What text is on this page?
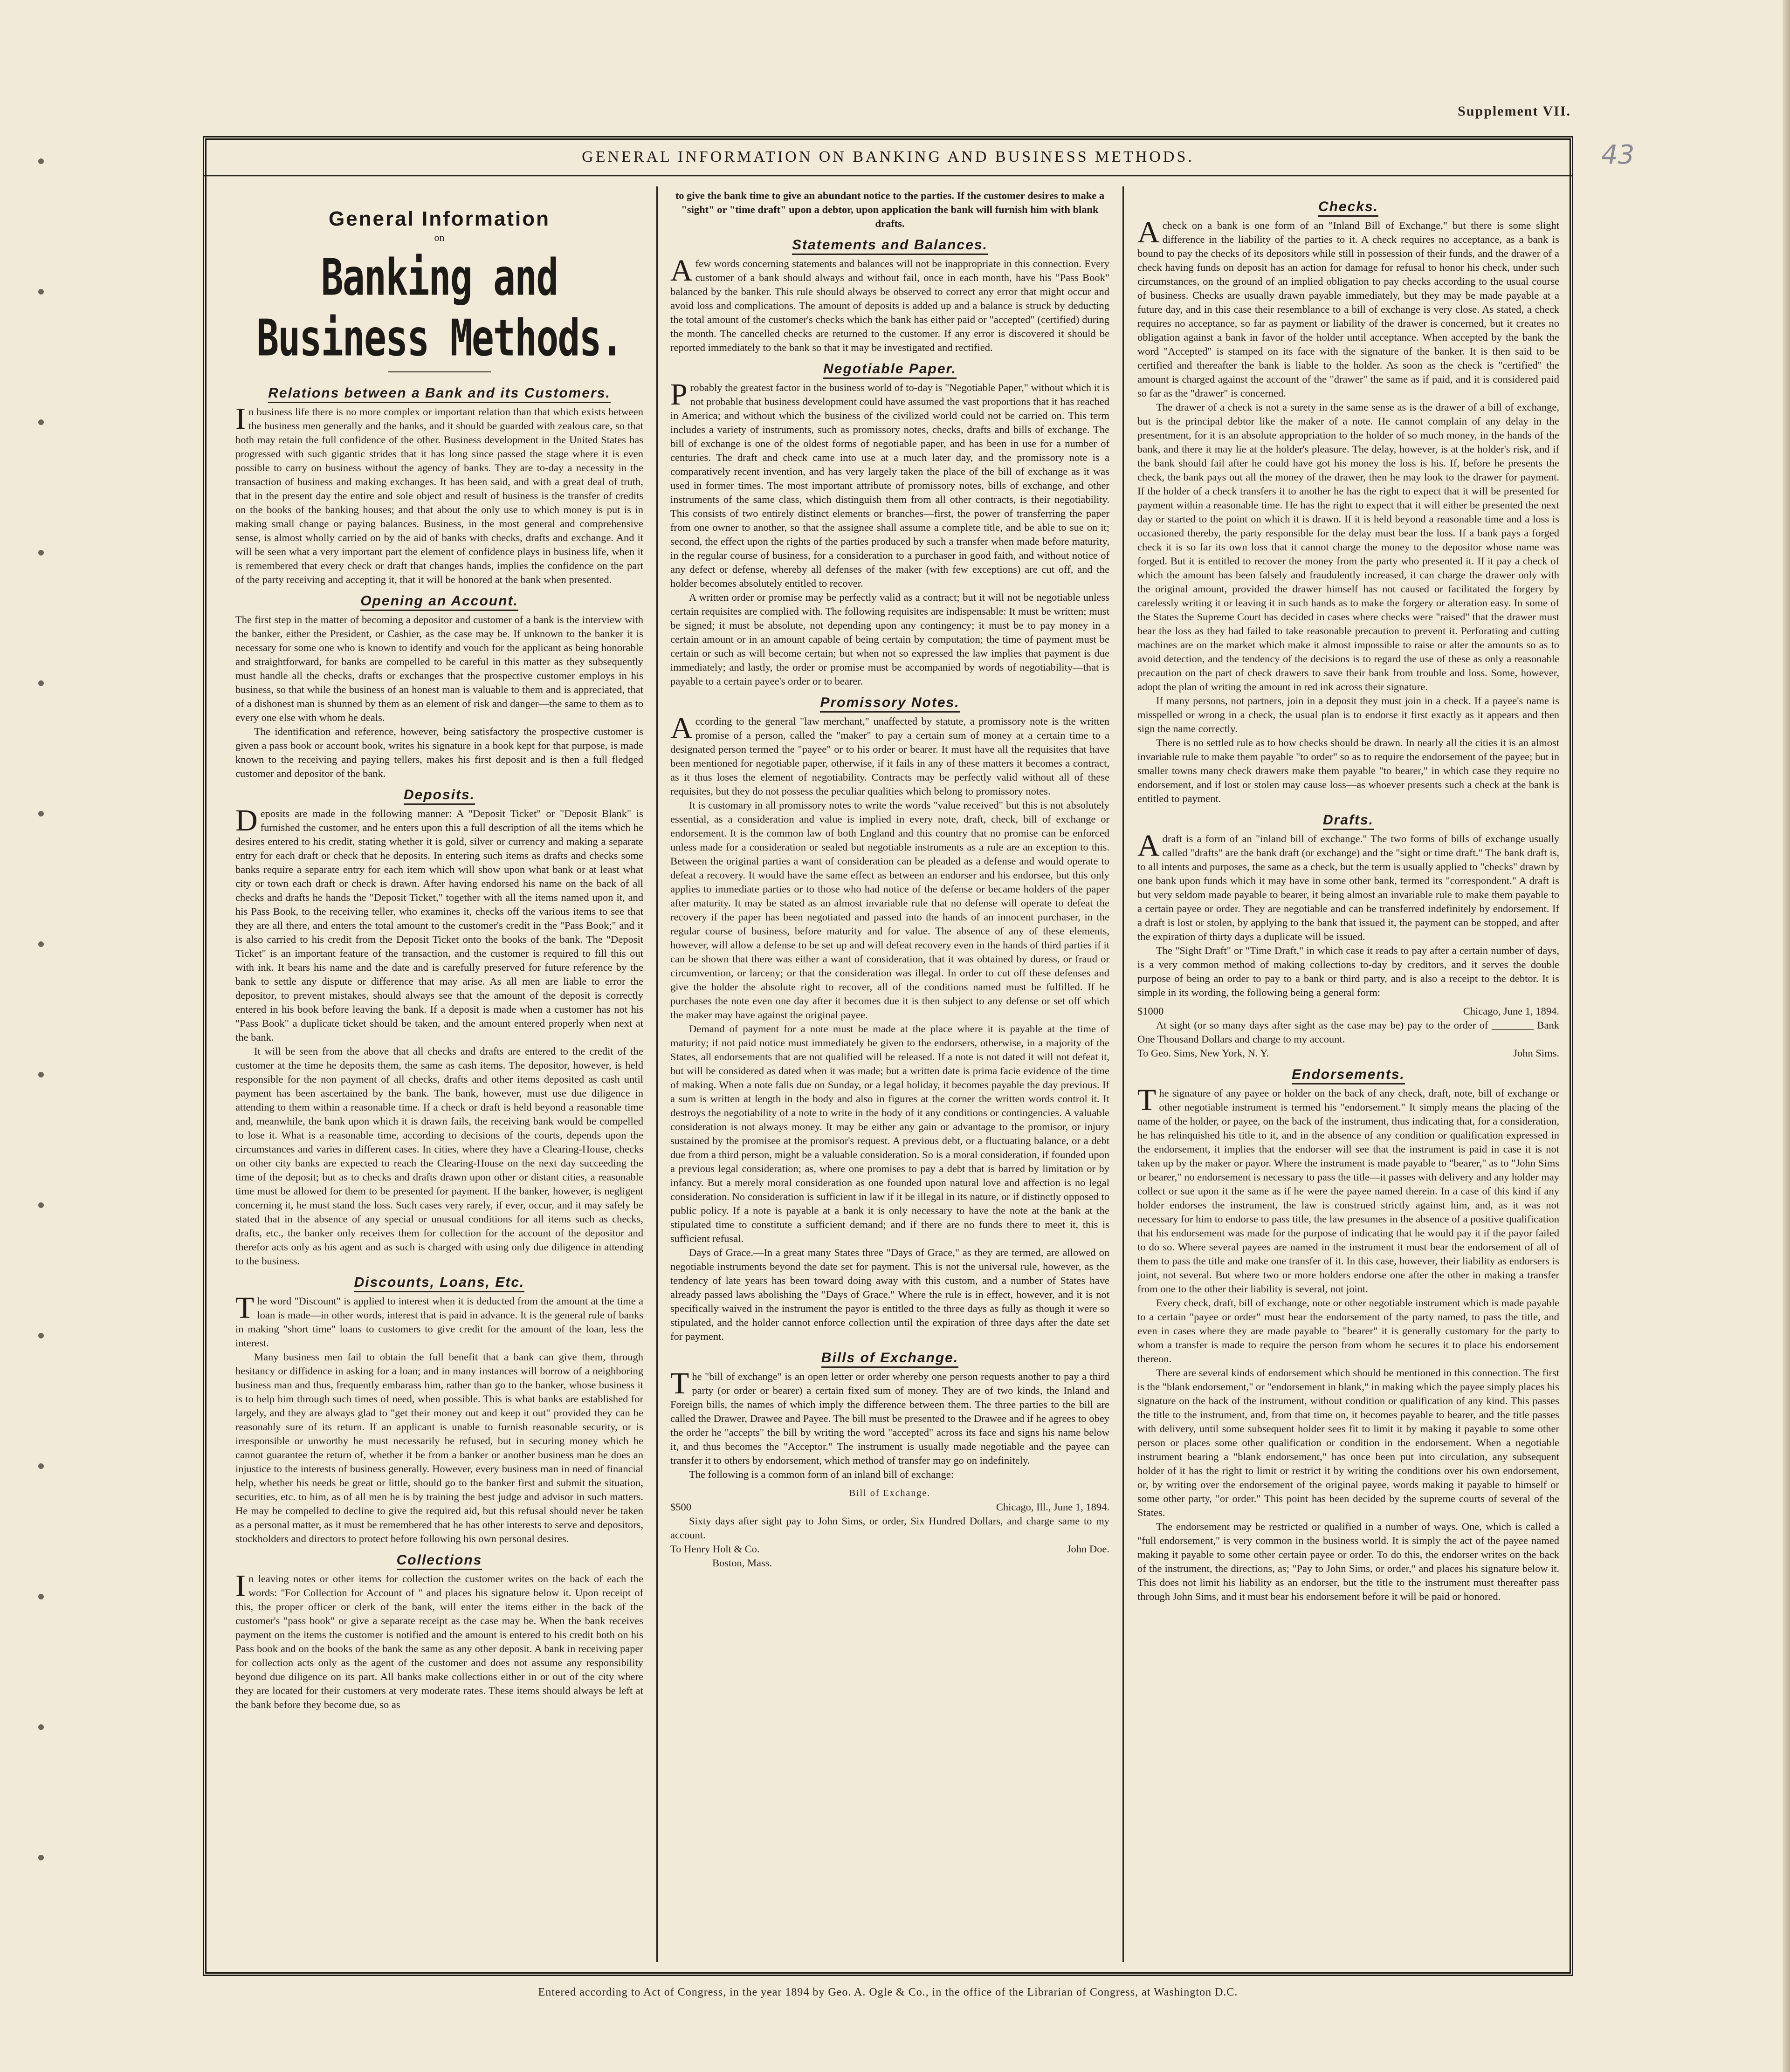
Supplement VII.
43
GENERAL INFORMATION ON BANKING AND BUSINESS METHODS.
General Information
on
Banking and Business Methods.
Relations between a Bank and its Customers.

In business life there is no more complex or important relation than that which exists between the business men generally and the banks, and it should be guarded with zealous care, so that both may retain the full confidence of the other. Business development in the United States has progressed with such gigantic strides that it has long since passed the stage where it is even possible to carry on business without the agency of banks. They are to-day a necessity in the transaction of business and making exchanges. It has been said, and with a great deal of truth, that in the present day the entire and sole object and result of business is the transfer of credits on the books of the banking houses; and that about the only use to which money is put is in making small change or paying balances. Business, in the most general and comprehensive sense, is almost wholly carried on by the aid of banks with checks, drafts and exchange. And it will be seen what a very important part the element of confidence plays in business life, when it is remembered that every check or draft that changes hands, implies the confidence on the part of the party receiving and accepting it, that it will be honored at the bank when presented.

Opening an Account.

The first step in the matter of becoming a depositor and customer of a bank is the interview with the banker, either the President, or Cashier, as the case may be. If unknown to the banker it is necessary for some one who is known to identify and vouch for the applicant as being honorable and straightforward, for banks are compelled to be careful in this matter as they subsequently must handle all the checks, drafts or exchanges that the prospective customer employs in his business, so that while the business of an honest man is valuable to them and is appreciated, that of a dishonest man is shunned by them as an element of risk and danger—the same to them as to every one else with whom he deals.

The identification and reference, however, being satisfactory the prospective customer is given a pass book or account book, writes his signature in a book kept for that purpose, is made known to the receiving and paying tellers, makes his first deposit and is then a full fledged customer and depositor of the bank.

Deposits.

Deposits are made in the following manner: A "Deposit Ticket" or "Deposit Blank" is furnished the customer, and he enters upon this a full description of all the items which he desires entered to his credit, stating whether it is gold, silver or currency and making a separate entry for each draft or check that he deposits. In entering such items as drafts and checks some banks require a separate entry for each item which will show upon what bank or at least what city or town each draft or check is drawn. After having endorsed his name on the back of all checks and drafts he hands the "Deposit Ticket," together with all the items named upon it, and his Pass Book, to the receiving teller, who examines it, checks off the various items to see that they are all there, and enters the total amount to the customer's credit in the "Pass Book;" and it is also carried to his credit from the Deposit Ticket onto the books of the bank. The "Deposit Ticket" is an important feature of the transaction, and the customer is required to fill this out with ink. It bears his name and the date and is carefully preserved for future reference by the bank to settle any dispute or difference that may arise. As all men are liable to error the depositor, to prevent mistakes, should always see that the amount of the deposit is correctly entered in his book before leaving the bank. If a deposit is made when a customer has not his "Pass Book" a duplicate ticket should be taken, and the amount entered properly when next at the bank.

It will be seen from the above that all checks and drafts are entered to the credit of the customer at the time he deposits them, the same as cash items. The depositor, however, is held responsible for the non payment of all checks, drafts and other items deposited as cash until payment has been ascertained by the bank. The bank, however, must use due diligence in attending to them within a reasonable time. If a check or draft is held beyond a reasonable time and, meanwhile, the bank upon which it is drawn fails, the receiving bank would be compelled to lose it. What is a reasonable time, according to decisions of the courts, depends upon the circumstances and varies in different cases. In cities, where they have a Clearing-House, checks on other city banks are expected to reach the Clearing-House on the next day succeeding the time of the deposit; but as to checks and drafts drawn upon other or distant cities, a reasonable time must be allowed for them to be presented for payment. If the banker, however, is negligent concerning it, he must stand the loss. Such cases very rarely, if ever, occur, and it may safely be stated that in the absence of any special or unusual conditions for all items such as checks, drafts, etc., the banker only receives them for collection for the account of the depositor and therefor acts only as his agent and as such is charged with using only due diligence in attending to the business.

Discounts, Loans, Etc.

The word "Discount" is applied to interest when it is deducted from the amount at the time a loan is made—in other words, interest that is paid in advance. It is the general rule of banks in making "short time" loans to customers to give credit for the amount of the loan, less the interest.

Many business men fail to obtain the full benefit that a bank can give them, through hesitancy or diffidence in asking for a loan; and in many instances will borrow of a neighboring business man and thus, frequently embarass him, rather than go to the banker, whose business it is to help him through such times of need, when possible. This is what banks are established for largely, and they are always glad to "get their money out and keep it out" provided they can be reasonably sure of its return. If an applicant is unable to furnish reasonable security, or is irresponsible or unworthy he must necessarily be refused, but in securing money which he cannot guarantee the return of, whether it be from a banker or another business man he does an injustice to the interests of business generally. However, every business man in need of financial help, whether his needs be great or little, should go to the banker first and submit the situation, securities, etc. to him, as of all men he is by training the best judge and advisor in such matters. He may be compelled to decline to give the required aid, but this refusal should never be taken as a personal matter, as it must be remembered that he has other interests to serve and depositors, stockholders and directors to protect before following his own personal desires.

Collections

In leaving notes or other items for collection the customer writes on the back of each the words: "For Collection for Account of " and places his signature below it. Upon receipt of this, the proper officer or clerk of the bank, will enter the items either in the back of the customer's "pass book" or give a separate receipt as the case may be. When the bank receives payment on the items the customer is notified and the amount is entered to his credit both on his Pass book and on the books of the bank the same as any other deposit. A bank in receiving paper for collection acts only as the agent of the customer and does not assume any responsibility beyond due diligence on its part. All banks make collections either in or out of the city where they are located for their customers at very moderate rates. These items should always be left at the bank before they become due, so as

to give the bank time to give an abundant notice to the parties. If the customer desires to make a "sight" or "time draft" upon a debtor, upon application the bank will furnish him with blank drafts.

Statements and Balances.

Afew words concerning statements and balances will not be inappropriate in this connection. Every customer of a bank should always and without fail, once in each month, have his "Pass Book" balanced by the banker. This rule should always be observed to correct any error that might occur and avoid loss and complications. The amount of deposits is added up and a balance is struck by deducting the total amount of the customer's checks which the bank has either paid or "accepted" (certified) during the month. The cancelled checks are returned to the customer. If any error is discovered it should be reported immediately to the bank so that it may be investigated and rectified.

Negotiable Paper.

Probably the greatest factor in the business world of to-day is "Negotiable Paper," without which it is not probable that business development could have assumed the vast proportions that it has reached in America; and without which the business of the civilized world could not be carried on. This term includes a variety of instruments, such as promissory notes, checks, drafts and bills of exchange. The bill of exchange is one of the oldest forms of negotiable paper, and has been in use for a number of centuries. The draft and check came into use at a much later day, and the promissory note is a comparatively recent invention, and has very largely taken the place of the bill of exchange as it was used in former times. The most important attribute of promissory notes, bills of exchange, and other instruments of the same class, which distinguish them from all other contracts, is their negotiability. This consists of two entirely distinct elements or branches—first, the power of transferring the paper from one owner to another, so that the assignee shall assume a complete title, and be able to sue on it; second, the effect upon the rights of the parties produced by such a transfer when made before maturity, in the regular course of business, for a consideration to a purchaser in good faith, and without notice of any defect or defense, whereby all defenses of the maker (with few exceptions) are cut off, and the holder becomes absolutely entitled to recover.

A written order or promise may be perfectly valid as a contract; but it will not be negotiable unless certain requisites are complied with. The following requisites are indispensable: It must be written; must be signed; it must be absolute, not depending upon any contingency; it must be to pay money in a certain amount or in an amount capable of being certain by computation; the time of payment must be certain or such as will become certain; but when not so expressed the law implies that payment is due immediately; and lastly, the order or promise must be accompanied by words of negotiability—that is payable to a certain payee's order or to bearer.

Promissory Notes.

According to the general "law merchant," unaffected by statute, a promissory note is the written promise of a person, called the "maker" to pay a certain sum of money at a certain time to a designated person termed the "payee" or to his order or bearer. It must have all the requisites that have been mentioned for negotiable paper, otherwise, if it fails in any of these matters it becomes a contract, as it thus loses the element of negotiability. Contracts may be perfectly valid without all of these requisites, but they do not possess the peculiar qualities which belong to promissory notes.

It is customary in all promissory notes to write the words "value received" but this is not absolutely essential, as a consideration and value is implied in every note, draft, check, bill of exchange or endorsement. It is the common law of both England and this country that no promise can be enforced unless made for a consideration or sealed but negotiable instruments as a rule are an exception to this. Between the original parties a want of consideration can be pleaded as a defense and would operate to defeat a recovery. It would have the same effect as between an endorser and his endorsee, but this only applies to immediate parties or to those who had notice of the defense or became holders of the paper after maturity. It may be stated as an almost invariable rule that no defense will operate to defeat the recovery if the paper has been negotiated and passed into the hands of an innocent purchaser, in the regular course of business, before maturity and for value. The absence of any of these elements, however, will allow a defense to be set up and will defeat recovery even in the hands of third parties if it can be shown that there was either a want of consideration, that it was obtained by duress, or fraud or circumvention, or larceny; or that the consideration was illegal. In order to cut off these defenses and give the holder the absolute right to recover, all of the conditions named must be fulfilled. If he purchases the note even one day after it becomes due it is then subject to any defense or set off which the maker may have against the original payee.

Demand of payment for a note must be made at the place where it is payable at the time of maturity; if not paid notice must immediately be given to the endorsers, otherwise, in a majority of the States, all endorsements that are not qualified will be released. If a note is not dated it will not defeat it, but will be considered as dated when it was made; but a written date is prima facie evidence of the time of making. When a note falls due on Sunday, or a legal holiday, it becomes payable the day previous. If a sum is written at length in the body and also in figures at the corner the written words control it. It destroys the negotiability of a note to write in the body of it any conditions or contingencies. A valuable consideration is not always money. It may be either any gain or advantage to the promisor, or injury sustained by the promisee at the promisor's request. A previous debt, or a fluctuating balance, or a debt due from a third person, might be a valuable consideration. So is a moral consideration, if founded upon a previous legal consideration; as, where one promises to pay a debt that is barred by limitation or by infancy. But a merely moral consideration as one founded upon natural love and affection is no legal consideration. No consideration is sufficient in law if it be illegal in its nature, or if distinctly opposed to public policy. If a note is payable at a bank it is only necessary to have the note at the bank at the stipulated time to constitute a sufficient demand; and if there are no funds there to meet it, this is sufficient refusal.

Days of Grace.—In a great many States three "Days of Grace," as they are termed, are allowed on negotiable instruments beyond the date set for payment. This is not the universal rule, however, as the tendency of late years has been toward doing away with this custom, and a number of States have already passed laws abolishing the "Days of Grace." Where the rule is in effect, however, and it is not specifically waived in the instrument the payor is entitled to the three days as fully as though it were so stipulated, and the holder cannot enforce collection until the expiration of three days after the date set for payment.

Bills of Exchange.

The "bill of exchange" is an open letter or order whereby one person requests another to pay a third party (or order or bearer) a certain fixed sum of money. They are of two kinds, the Inland and Foreign bills, the names of which imply the difference between them. The three parties to the bill are called the Drawer, Drawee and Payee. The bill must be presented to the Drawee and if he agrees to obey the order he "accepts" the bill by writing the word "accepted" across its face and signs his name below it, and thus becomes the "Acceptor." The instrument is usually made negotiable and the payee can transfer it to others by endorsement, which method of transfer may go on indefinitely.

The following is a common form of an inland bill of exchange:

Bill of Exchange.
$500	Chicago, Ill., June 1, 1894.

Sixty days after sight pay to John Sims, or order, Six Hundred Dollars, and charge same to my account.

To Henry Holt & Co.	John Doe.
Boston, Mass.
Checks.

Acheck on a bank is one form of an "Inland Bill of Exchange," but there is some slight difference in the liability of the parties to it. A check requires no acceptance, as a bank is bound to pay the checks of its depositors while still in possession of their funds, and the drawer of a check having funds on deposit has an action for damage for refusal to honor his check, under such circumstances, on the ground of an implied obligation to pay checks according to the usual course of business. Checks are usually drawn payable immediately, but they may be made payable at a future day, and in this case their resemblance to a bill of exchange is very close. As stated, a check requires no acceptance, so far as payment or liability of the drawer is concerned, but it creates no obligation against a bank in favor of the holder until acceptance. When accepted by the bank the word "Accepted" is stamped on its face with the signature of the banker. It is then said to be certified and thereafter the bank is liable to the holder. As soon as the check is "certified" the amount is charged against the account of the "drawer" the same as if paid, and it is considered paid so far as the "drawer" is concerned.

The drawer of a check is not a surety in the same sense as is the drawer of a bill of exchange, but is the principal debtor like the maker of a note. He cannot complain of any delay in the presentment, for it is an absolute appropriation to the holder of so much money, in the hands of the bank, and there it may lie at the holder's pleasure. The delay, however, is at the holder's risk, and if the bank should fail after he could have got his money the loss is his. If, before he presents the check, the bank pays out all the money of the drawer, then he may look to the drawer for payment. If the holder of a check transfers it to another he has the right to expect that it will be presented for payment within a reasonable time. He has the right to expect that it will either be presented the next day or started to the point on which it is drawn. If it is held beyond a reasonable time and a loss is occasioned thereby, the party responsible for the delay must bear the loss. If a bank pays a forged check it is so far its own loss that it cannot charge the money to the depositor whose name was forged. But it is entitled to recover the money from the party who presented it. If it pay a check of which the amount has been falsely and fraudulently increased, it can charge the drawer only with the original amount, provided the drawer himself has not caused or facilitated the forgery by carelessly writing it or leaving it in such hands as to make the forgery or alteration easy. In some of the States the Supreme Court has decided in cases where checks were "raised" that the drawer must bear the loss as they had failed to take reasonable precaution to prevent it. Perforating and cutting machines are on the market which make it almost impossible to raise or alter the amounts so as to avoid detection, and the tendency of the decisions is to regard the use of these as only a reasonable precaution on the part of check drawers to save their bank from trouble and loss. Some, however, adopt the plan of writing the amount in red ink across their signature.

If many persons, not partners, join in a deposit they must join in a check. If a payee's name is misspelled or wrong in a check, the usual plan is to endorse it first exactly as it appears and then sign the name correctly.

There is no settled rule as to how checks should be drawn. In nearly all the cities it is an almost invariable rule to make them payable "to order" so as to require the endorsement of the payee; but in smaller towns many check drawers make them payable "to bearer," in which case they require no endorsement, and if lost or stolen may cause loss—as whoever presents such a check at the bank is entitled to payment.

Drafts.

Adraft is a form of an "inland bill of exchange." The two forms of bills of exchange usually called "drafts" are the bank draft (or exchange) and the "sight or time draft." The bank draft is, to all intents and purposes, the same as a check, but the term is usually applied to "checks" drawn by one bank upon funds which it may have in some other bank, termed its "correspondent." A draft is but very seldom made payable to bearer, it being almost an invariable rule to make them payable to a certain payee or order. They are negotiable and can be transferred indefinitely by endorsement. If a draft is lost or stolen, by applying to the bank that issued it, the payment can be stopped, and after the expiration of thirty days a duplicate will be issued.

The "Sight Draft" or "Time Draft," in which case it reads to pay after a certain number of days, is a very common method of making collections to-day by creditors, and it serves the double purpose of being an order to pay to a bank or third party, and is also a receipt to the debtor. It is simple in its wording, the following being a general form:

$1000	Chicago, June 1, 1894.

At sight (or so many days after sight as the case may be) pay to the order of ________ Bank One Thousand Dollars and charge to my account.

To Geo. Sims, New York, N. Y.	John Sims.
Endorsements.

The signature of any payee or holder on the back of any check, draft, note, bill of exchange or other negotiable instrument is termed his "endorsement." It simply means the placing of the name of the holder, or payee, on the back of the instrument, thus indicating that, for a consideration, he has relinquished his title to it, and in the absence of any condition or qualification expressed in the endorsement, it implies that the endorser will see that the instrument is paid in case it is not taken up by the maker or payor. Where the instrument is made payable to "bearer," as to "John Sims or bearer," no endorsement is necessary to pass the title—it passes with delivery and any holder may collect or sue upon it the same as if he were the payee named therein. In a case of this kind if any holder endorses the instrument, the law is construed strictly against him, and, as it was not necessary for him to endorse to pass title, the law presumes in the absence of a positive qualification that his endorsement was made for the purpose of indicating that he would pay it if the payor failed to do so. Where several payees are named in the instrument it must bear the endorsement of all of them to pass the title and make one transfer of it. In this case, however, their liability as endorsers is joint, not several. But where two or more holders endorse one after the other in making a transfer from one to the other their liability is several, not joint.

Every check, draft, bill of exchange, note or other negotiable instrument which is made payable to a certain "payee or order" must bear the endorsement of the party named, to pass the title, and even in cases where they are made payable to "bearer" it is generally customary for the party to whom a transfer is made to require the person from whom he secures it to place his endorsement thereon.

There are several kinds of endorsement which should be mentioned in this connection. The first is the "blank endorsement," or "endorsement in blank," in making which the payee simply places his signature on the back of the instrument, without condition or qualification of any kind. This passes the title to the instrument, and, from that time on, it becomes payable to bearer, and the title passes with delivery, until some subsequent holder sees fit to limit it by making it payable to some other person or places some other qualification or condition in the endorsement. When a negotiable instrument bearing a "blank endorsement," has once been put into circulation, any subsequent holder of it has the right to limit or restrict it by writing the conditions over his own endorsement, or, by writing over the endorsement of the original payee, words making it payable to himself or some other party, "or order." This point has been decided by the supreme courts of several of the States.

The endorsement may be restricted or qualified in a number of ways. One, which is called a "full endorsement," is very common in the business world. It is simply the act of the payee named making it payable to some other certain payee or order. To do this, the endorser writes on the back of the instrument, the directions, as; "Pay to John Sims, or order," and places his signature below it. This does not limit his liability as an endorser, but the title to the instrument must thereafter pass through John Sims, and it must bear his endorsement before it will be paid or honored.

Entered according to Act of Congress, in the year 1894 by Geo. A. Ogle & Co., in the office of the Librarian of Congress, at Washington D.C.
